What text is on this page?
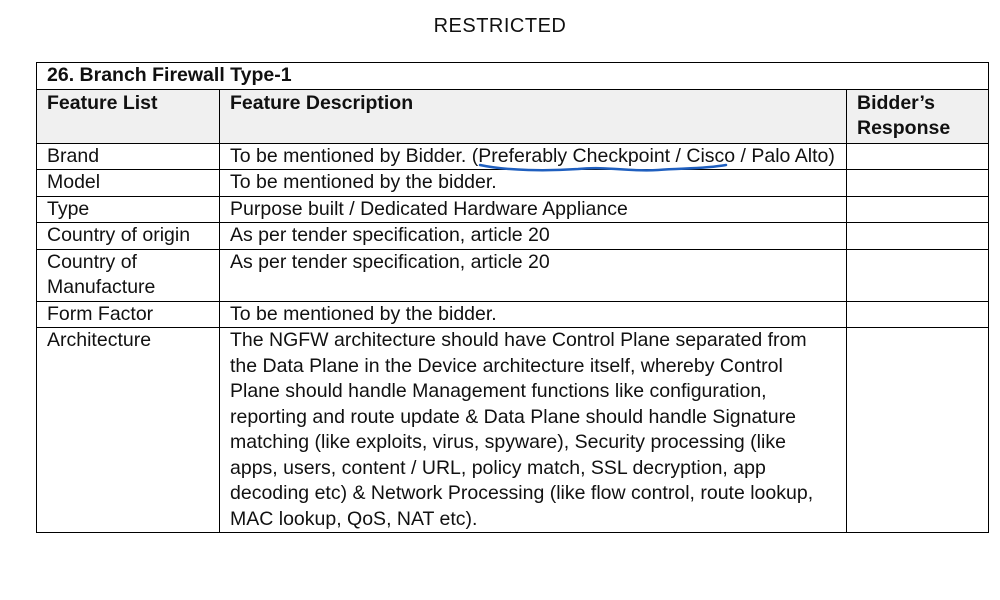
RESTRICTED
26. Branch Firewall Type-1		
Feature List	Feature Description	Bidder’s Response
Brand	To be mentioned by Bidder. (Preferably Checkpoint /
Cisco / Palo Alto)	
Model	To be mentioned by the bidder.	
Type	Purpose built / Dedicated Hardware Appliance	
Country of origin	As per tender specification, article 20	
Country of Manufacture	As per tender specification, article 20	
Form Factor	To be mentioned by the bidder.	
Architecture	The NGFW architecture should have Control Plane separated from the Data Plane in the Device architecture itself, whereby Control Plane should handle Management functions like configuration, reporting and route update & Data Plane should handle Signature matching (like exploits, virus, spyware), Security processing (like apps, users, content / URL, policy match, SSL decryption, app decoding etc) & Network Processing (like flow control, route lookup, MAC lookup, QoS, NAT etc).	
